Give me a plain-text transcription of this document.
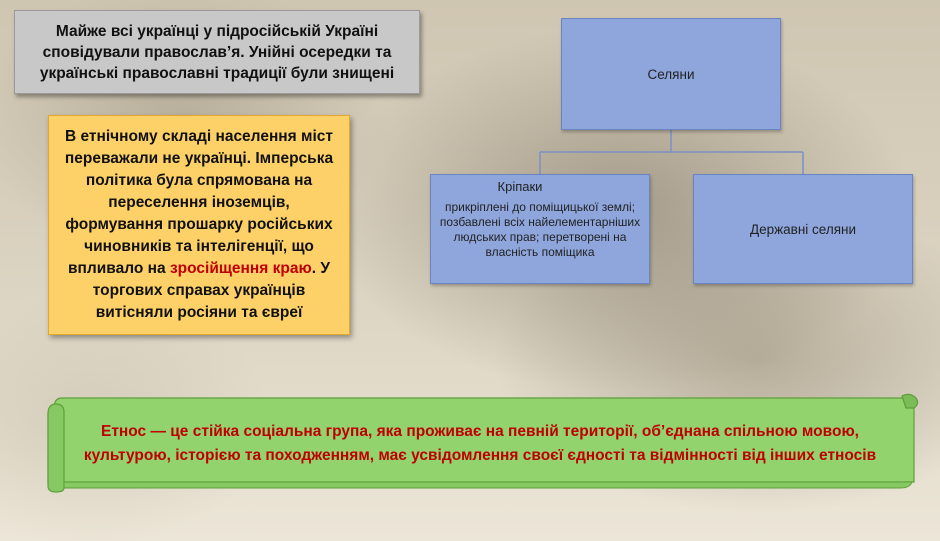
Майже всі українці у підросійській Україні сповідували православ’я. Унійні осередки та українські православні традиції були знищені
В етнічному складі населення міст переважали не українці. Імперська політика була спрямована на переселення іноземців, формування прошарку російських чиновників та інтелігенції, що впливало на зросійщення краю. У торгових справах українців витісняли росіяни та євреї
Селяни
Кріпаки
прикріплені до поміщицької землі; позбавлені всіх найелементарніших людських прав; перетворені на власність поміщика
Державні селяни
Етнос — це стійка соціальна група, яка проживає на певній території, об’єднана спільною мовою, культурою, історією та походженням, має усвідомлення своєї єдності та відмінності від інших етносів
